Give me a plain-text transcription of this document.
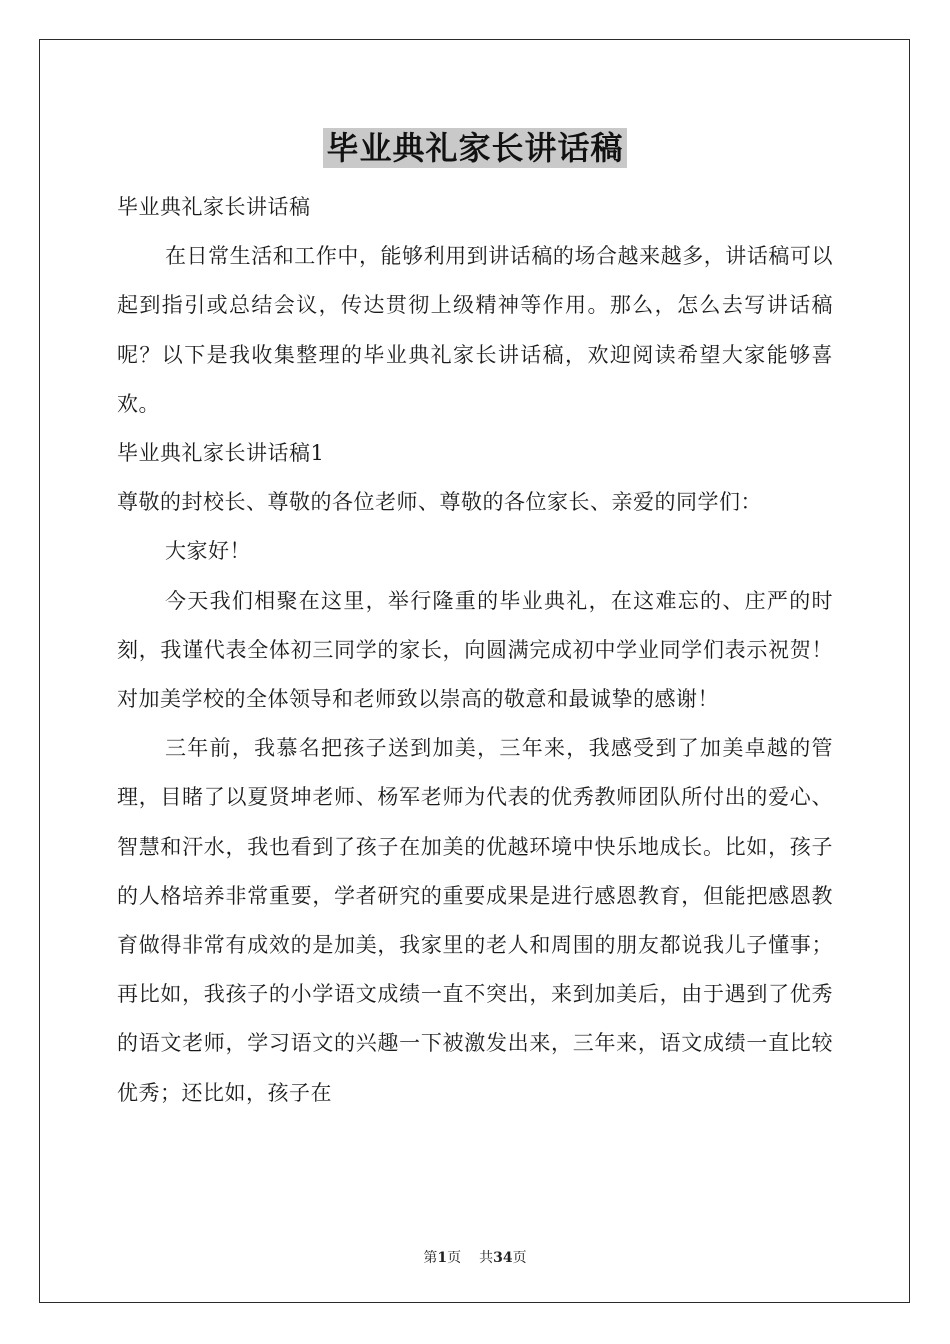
毕业典礼家长讲话稿

毕业典礼家长讲话稿

在日常生活和工作中，能够利用到讲话稿的场合越来越多，讲话稿可以起到指引或总结会议，传达贯彻上级精神等作用。那么，怎么去写讲话稿呢？以下是我收集整理的毕业典礼家长讲话稿，欢迎阅读希望大家能够喜欢。

毕业典礼家长讲话稿1

尊敬的封校长、尊敬的各位老师、尊敬的各位家长、亲爱的同学们：

大家好！

今天我们相聚在这里，举行隆重的毕业典礼，在这难忘的、庄严的时刻，我谨代表全体初三同学的家长，向圆满完成初中学业同学们表示祝贺！对加美学校的全体领导和老师致以崇高的敬意和最诚挚的感谢！

三年前，我慕名把孩子送到加美，三年来，我感受到了加美卓越的管理，目睹了以夏贤坤老师、杨军老师为代表的优秀教师团队所付出的爱心、智慧和汗水，我也看到了孩子在加美的优越环境中快乐地成长。比如，孩子的人格培养非常重要，学者研究的重要成果是进行感恩教育，但能把感恩教育做得非常有成效的是加美，我家里的老人和周围的朋友都说我儿子懂事；再比如，我孩子的小学语文成绩一直不突出，来到加美后，由于遇到了优秀的语文老师，学习语文的兴趣一下被激发出来，三年来，语文成绩一直比较优秀；还比如，孩子在

第1页 共34页
